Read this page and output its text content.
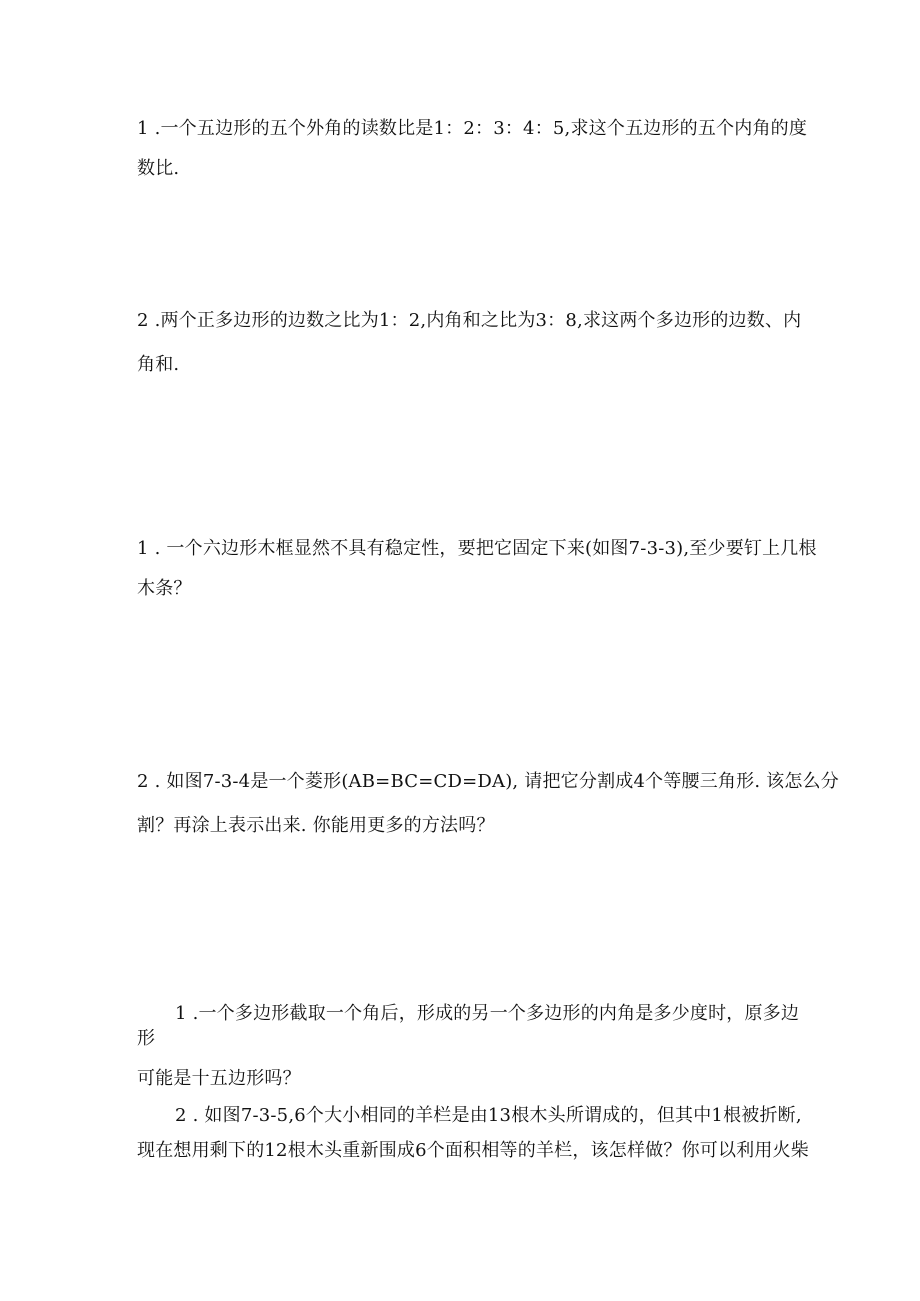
1 .一个五边形的五个外角的读数比是1：2：3：4：5,求这个五边形的五个内角的度

数比.

2 .两个正多边形的边数之比为1：2,内角和之比为3：8,求这两个多边形的边数、内

角和.

1 . 一个六边形木框显然不具有稳定性，要把它固定下来(如图7-3-3),至少要钉上几根

木条？

2 . 如图7-3-4是一个菱形(AB=BC=CD=DA), 请把它分割成4个等腰三角形. 该怎么分

割？再涂上表示出来. 你能用更多的方法吗？

1 .一个多边形截取一个角后，形成的另一个多边形的内角是多少度时，原多边

形

可能是十五边形吗？

2 . 如图7-3-5,6个大小相同的羊栏是由13根木头所谓成的，但其中1根被折断,

现在想用剩下的12根木头重新围成6个面积相等的羊栏，该怎样做？你可以利用火柴
